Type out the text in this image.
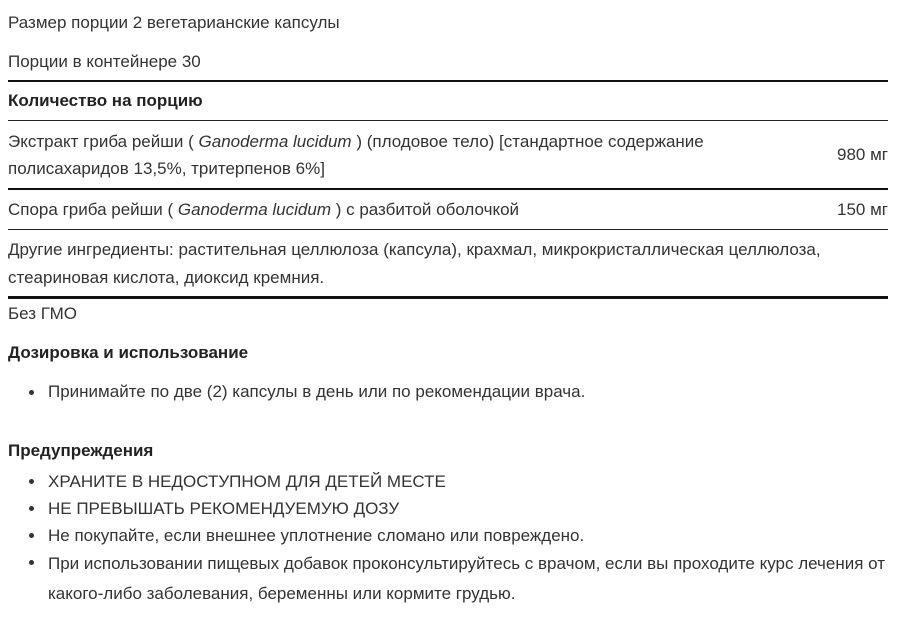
Размер порции 2 вегетарианские капсулы
Порции в контейнере 30
Количество на порцию
Экстракт гриба рейши ( Ganoderma lucidum ) (плодовое тело) [стандартное содержание полисахаридов 13,5%, тритерпенов 6%]
980 мг
Спора гриба рейши ( Ganoderma lucidum ) с разбитой оболочкой	150 мг
Другие ингредиенты: растительная целлюлоза (капсула), крахмал, микрокристаллическая целлюлоза, стеариновая кислота, диоксид кремния.
Без ГМО
Дозировка и использование
Принимайте по две (2) капсулы в день или по рекомендации врача.
Предупреждения
ХРАНИТЕ В НЕДОСТУПНОМ ДЛЯ ДЕТЕЙ МЕСТЕ
НЕ ПРЕВЫШАТЬ РЕКОМЕНДУЕМУЮ ДОЗУ
Не покупайте, если внешнее уплотнение сломано или повреждено.
При использовании пищевых добавок проконсультируйтесь с врачом, если вы проходите курс лечения от какого-либо заболевания, беременны или кормите грудью.
